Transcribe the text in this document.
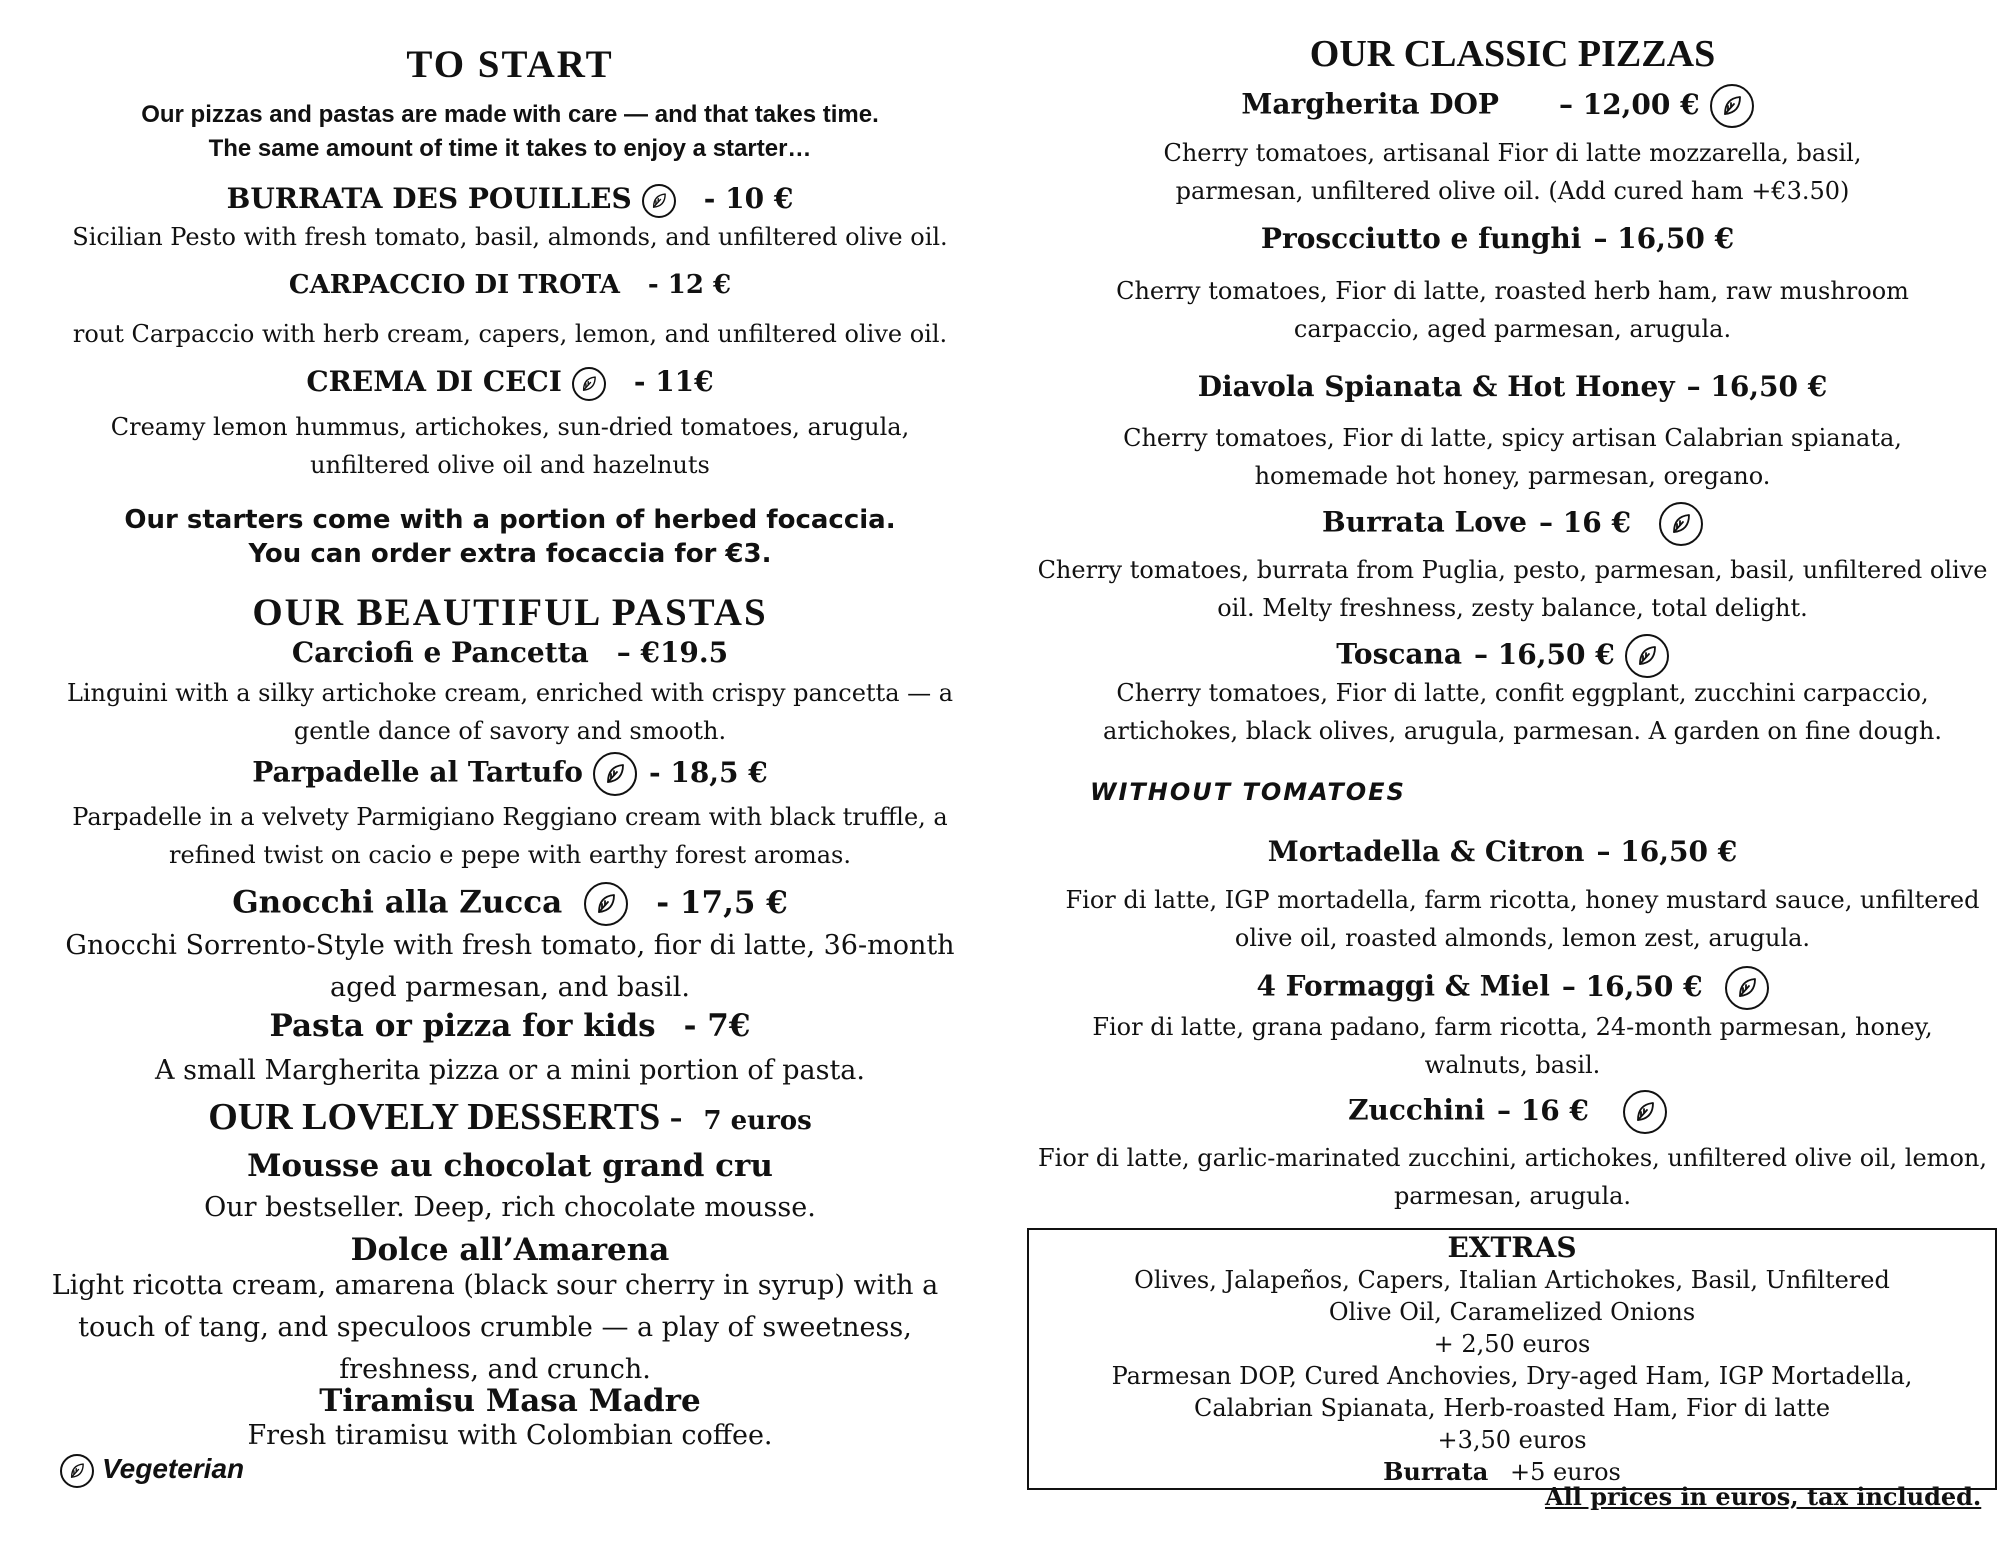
TO START
Our pizzas and pastas are made with care — and that takes time.
The same amount of time it takes to enjoy a starter…
BURRATA DES POUILLES	- 10 €
Sicilian Pesto with fresh tomato, basil, almonds, and unfiltered olive oil.
CARPACCIO DI TROTA - 12 €
rout Carpaccio with herb cream, capers, lemon, and unfiltered olive oil.
CREMA DI CECI	- 11€
Creamy lemon hummus, artichokes, sun-dried tomatoes, arugula, unfiltered olive oil and hazelnuts
Our starters come with a portion of herbed focaccia.
You can order extra focaccia for €3.
OUR BEAUTIFUL PASTAS
Carciofi e Pancetta – €19.5
Linguini with a silky artichoke cream, enriched with crispy pancetta — a gentle dance of savory and smooth.
Parpadelle al Tartufo - 18,5 €
Parpadelle in a velvety Parmigiano Reggiano cream with black truffle, a refined twist on cacio e pepe with earthy forest aromas.
Gnocchi alla Zucca	- 17,5 €
Gnocchi Sorrento-Style with fresh tomato, fior di latte, 36-month aged parmesan, and basil.
Pasta or pizza for kids - 7€
A small Margherita pizza or a mini portion of pasta.
OUR LOVELY DESSERTS - 7 euros
Mousse au chocolat grand cru
Our bestseller. Deep, rich chocolate mousse.
Dolce all’Amarena
Light ricotta cream, amarena (black sour cherry in syrup) with a touch of tang, and speculoos crumble — a play of sweetness, freshness, and crunch.
Tiramisu Masa Madre
Fresh tiramisu with Colombian coffee.
Vegeterian
OUR CLASSIC PIZZAS
Margherita DOP – 12,00 €
Cherry tomatoes, artisanal Fior di latte mozzarella, basil, parmesan, unfiltered olive oil. (Add cured ham +€3.50)
Proscciutto e funghi – 16,50 €
Cherry tomatoes, Fior di latte, roasted herb ham, raw mushroom carpaccio, aged parmesan, arugula.
Diavola Spianata & Hot Honey – 16,50 €
Cherry tomatoes, Fior di latte, spicy artisan Calabrian spianata, homemade hot honey, parmesan, oregano.
Burrata Love – 16 €
Cherry tomatoes, burrata from Puglia, pesto, parmesan, basil, unfiltered olive oil. Melty freshness, zesty balance, total delight.
Toscana – 16,50 €
Cherry tomatoes, Fior di latte, confit eggplant, zucchini carpaccio, artichokes, black olives, arugula, parmesan. A garden on fine dough.
Mortadella & Citron – 16,50 €
Fior di latte, IGP mortadella, farm ricotta, honey mustard sauce, unfiltered olive oil, roasted almonds, lemon zest, arugula.
4 Formaggi & Miel – 16,50 €
Fior di latte, grana padano, farm ricotta, 24-month parmesan, honey, walnuts, basil.
Zucchini – 16 €
Fior di latte, garlic-marinated zucchini, artichokes, unfiltered olive oil, lemon, parmesan, arugula.
WITHOUT TOMATOES
EXTRAS
Olives, Jalapeños, Capers, Italian Artichokes, Basil, Unfiltered Olive Oil, Caramelized Onions
+ 2,50 euros
Parmesan DOP, Cured Anchovies, Dry-aged Ham, IGP Mortadella, Calabrian Spianata, Herb-roasted Ham, Fior di latte
+3,50 euros
Burrata +5 euros
All prices in euros, tax included.
